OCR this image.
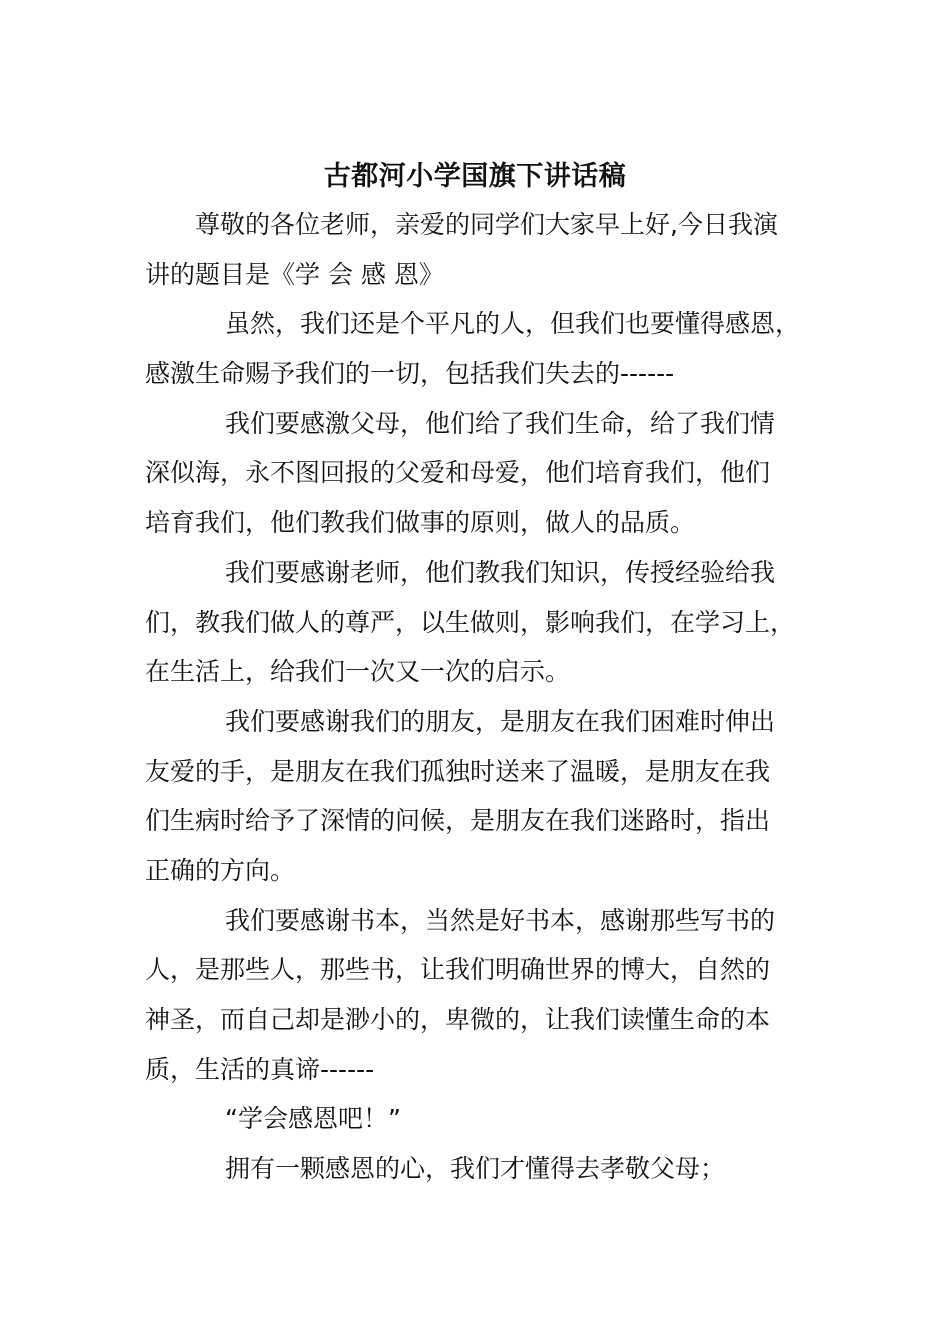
古都河小学国旗下讲话稿
尊敬的各位老师，亲爱的同学们大家早上好,今日我演
讲的题目是《学 会 感 恩》
虽然，我们还是个平凡的人，但我们也要懂得感恩，
感激生命赐予我们的一切，包括我们失去的------
我们要感激父母，他们给了我们生命，给了我们情
深似海，永不图回报的父爱和母爱，他们培育我们，他们
培育我们，他们教我们做事的原则，做人的品质。
我们要感谢老师，他们教我们知识，传授经验给我
们，教我们做人的尊严，以生做则，影响我们，在学习上，
在生活上，给我们一次又一次的启示。
我们要感谢我们的朋友，是朋友在我们困难时伸出
友爱的手，是朋友在我们孤独时送来了温暖，是朋友在我
们生病时给予了深情的问候，是朋友在我们迷路时，指出
正确的方向。
我们要感谢书本，当然是好书本，感谢那些写书的
人，是那些人，那些书，让我们明确世界的博大，自然的
神圣，而自己却是渺小的，卑微的，让我们读懂生命的本
质，生活的真谛------
“学会感恩吧！”
拥有一颗感恩的心，我们才懂得去孝敬父母；
